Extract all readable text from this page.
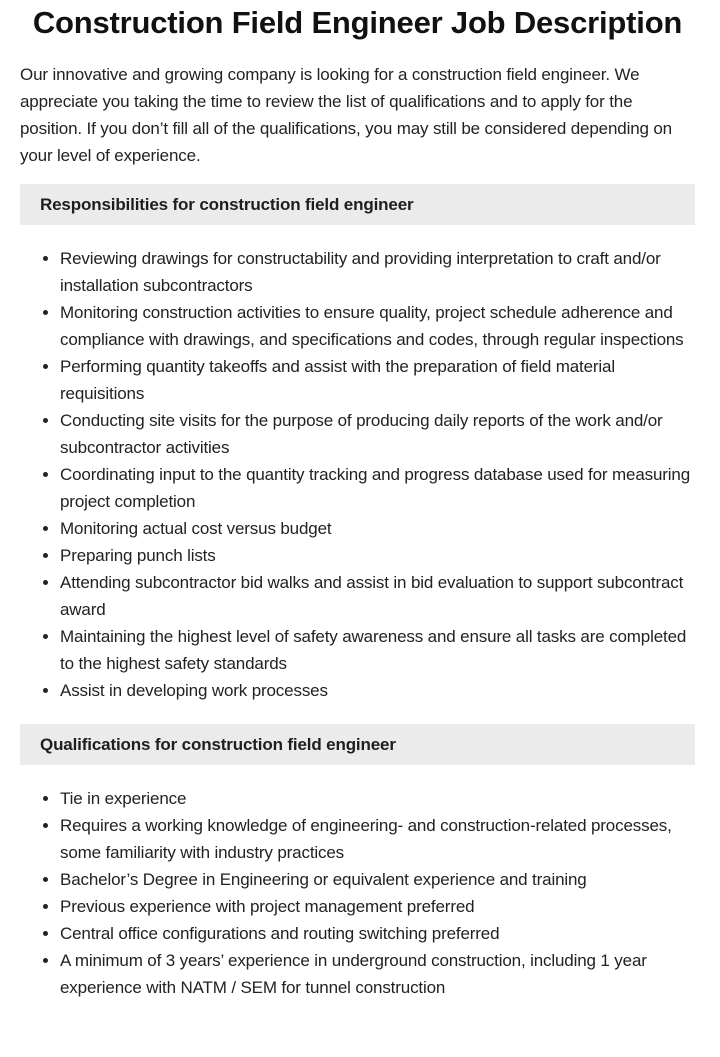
Construction Field Engineer Job Description

Our innovative and growing company is looking for a construction field engineer. We appreciate you taking the time to review the list of qualifications and to apply for the position. If you don’t fill all of the qualifications, you may still be considered depending on your level of experience.

Responsibilities for construction field engineer
Reviewing drawings for constructability and providing interpretation to craft and/or installation subcontractors
Monitoring construction activities to ensure quality, project schedule adherence and compliance with drawings, and specifications and codes, through regular inspections
Performing quantity takeoffs and assist with the preparation of field material requisitions
Conducting site visits for the purpose of producing daily reports of the work and/or subcontractor activities
Coordinating input to the quantity tracking and progress database used for measuring project completion
Monitoring actual cost versus budget
Preparing punch lists
Attending subcontractor bid walks and assist in bid evaluation to support subcontract award
Maintaining the highest level of safety awareness and ensure all tasks are completed to the highest safety standards
Assist in developing work processes
Qualifications for construction field engineer
Tie in experience
Requires a working knowledge of engineering- and construction-related processes, some familiarity with industry practices
Bachelor’s Degree in Engineering or equivalent experience and training
Previous experience with project management preferred
Central office configurations and routing switching preferred
A minimum of 3 years’ experience in underground construction, including 1 year experience with NATM / SEM for tunnel construction
